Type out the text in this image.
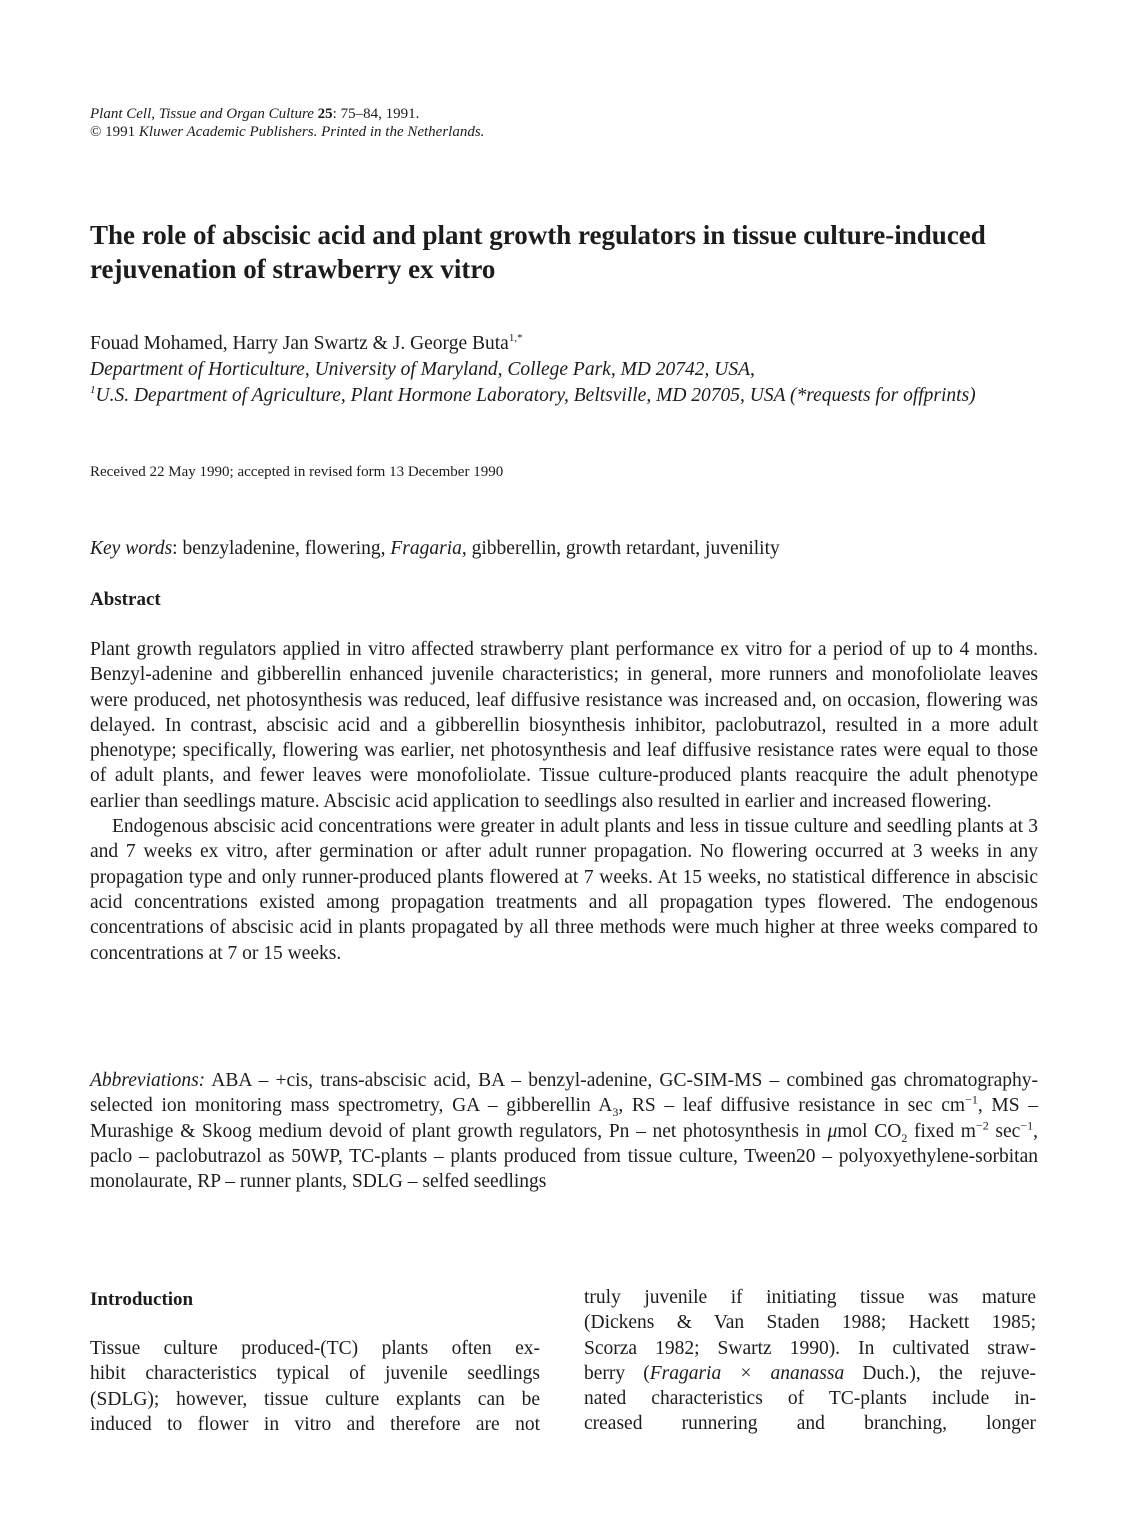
Plant Cell, Tissue and Organ Culture 25: 75–84, 1991.
© 1991 Kluwer Academic Publishers. Printed in the Netherlands.
The role of abscisic acid and plant growth regulators in tissue culture-induced rejuvenation of strawberry ex vitro
Fouad Mohamed, Harry Jan Swartz & J. George Buta$^{1,*}$
Department of Horticulture, University of Maryland, College Park, MD 20742, USA,
$^1$U.S. Department of Agriculture, Plant Hormone Laboratory, Beltsville, MD 20705, USA (*requests for offprints)
Received 22 May 1990; accepted in revised form 13 December 1990
Key words: benzyladenine, flowering, Fragaria, gibberellin, growth retardant, juvenility
Abstract

Plant growth regulators applied in vitro affected strawberry plant performance ex vitro for a period of up to 4 months. Benzyl-adenine and gibberellin enhanced juvenile characteristics; in general, more runners and monofoliolate leaves were produced, net photosynthesis was reduced, leaf diffusive resistance was increased and, on occasion, flowering was delayed. In contrast, abscisic acid and a gibberellin biosynthesis inhibitor, paclobutrazol, resulted in a more adult phenotype; specifically, flowering was earlier, net photosynthesis and leaf diffusive resistance rates were equal to those of adult plants, and fewer leaves were monofoliolate. Tissue culture-produced plants reacquire the adult phenotype earlier than seedlings mature. Abscisic acid application to seedlings also resulted in earlier and increased flowering.

Endogenous abscisic acid concentrations were greater in adult plants and less in tissue culture and seedling plants at 3 and 7 weeks ex vitro, after germination or after adult runner propagation. No flowering occurred at 3 weeks in any propagation type and only runner-produced plants flowered at 7 weeks. At 15 weeks, no statistical difference in abscisic acid concentrations existed among propagation treatments and all propagation types flowered. The endogenous concentrations of abscisic acid in plants propagated by all three methods were much higher at three weeks compared to concentrations at 7 or 15 weeks.

Abbreviations: ABA – +cis, trans-abscisic acid, BA – benzyl-adenine, GC-SIM-MS – combined gas chromatography-selected ion monitoring mass spectrometry, GA – gibberellin $A_3$, RS – leaf diffusive resistance in $\sec cm^{-1}$, MS – Murashige & Skoog medium devoid of plant growth regulators, Pn – net photosynthesis in μmol $CO_2$ fixed $m^{-2}$ $\sec^{-1}$, paclo – paclobutrazol as 50WP, TC-plants – plants produced from tissue culture, Tween20 – polyoxyethylene-sorbitan monolaurate, RP – runner plants, SDLG – selfed seedlings

Introduction

Tissue culture produced-(TC) plants often ex-

hibit characteristics typical of juvenile seedlings

(SDLG); however, tissue culture explants can be

induced to flower in vitro and therefore are not

truly juvenile if initiating tissue was mature

(Dickens & Van Staden 1988; Hackett 1985;

Scorza 1982; Swartz 1990). In cultivated straw-

berry (Fragaria × ananassa Duch.), the rejuve-

nated characteristics of TC-plants include in-

creased runnering and branching, longer
